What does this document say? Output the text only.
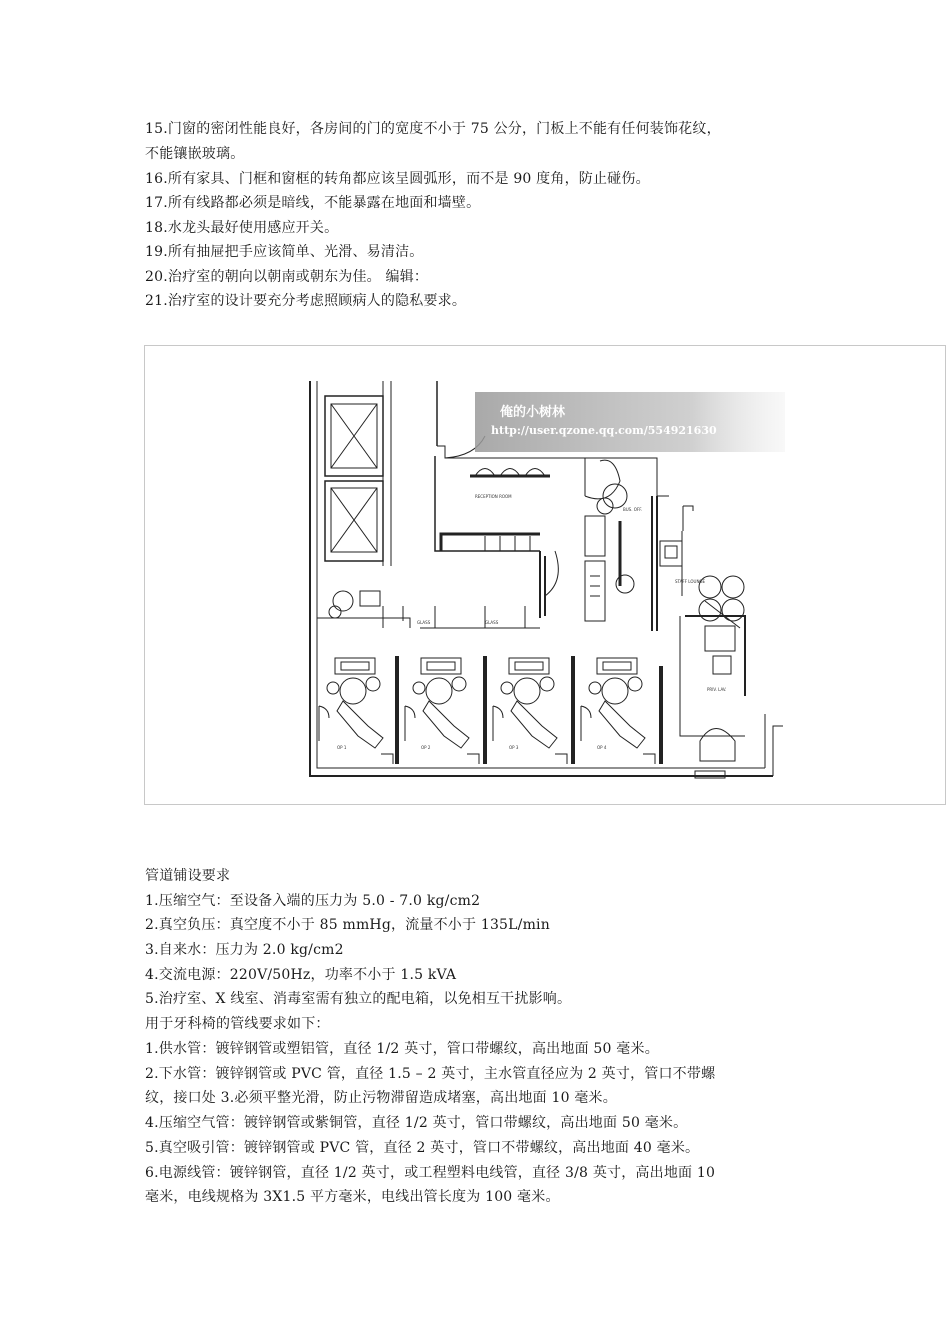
15.门窗的密闭性能良好，各房间的门的宽度不小于 75 公分，门板上不能有任何装饰花纹，
不能镶嵌玻璃。
16.所有家具、门框和窗框的转角都应该呈圆弧形，而不是 90 度角，防止碰伤。
17.所有线路都必须是暗线，不能暴露在地面和墙壁。
18.水龙头最好使用感应开关。
19.所有抽屉把手应该简单、光滑、易清洁。
20.治疗室的朝向以朝南或朝东为佳。 编辑：
21.治疗室的设计要充分考虑照顾病人的隐私要求。
RECEPTION ROOM
STAFF LOUNGE
GLASS	GLASS
BUS. OFF.
PRIV. LAV.
OP 1	OP 2	OP 3	OP 4
俺的小树林
http://user.qzone.qq.com/554921630
管道铺设要求
1.压缩空气：至设备入端的压力为 5.0 - 7.0 kg/cm2
2.真空负压：真空度不小于 85 mmHg，流量不小于 135L/min
3.自来水：压力为 2.0 kg/cm2
4.交流电源：220V/50Hz，功率不小于 1.5 kVA
5.治疗室、X 线室、消毒室需有独立的配电箱，以免相互干扰影响。
用于牙科椅的管线要求如下：
1.供水管：镀锌钢管或塑铝管，直径 1/2 英寸，管口带螺纹，高出地面 50 毫米。
2.下水管：镀锌钢管或 PVC 管，直径 1.5 – 2 英寸，主水管直径应为 2 英寸，管口不带螺
纹，接口处 3.必须平整光滑，防止污物滞留造成堵塞，高出地面 10 毫米。
4.压缩空气管：镀锌钢管或紫铜管，直径 1/2 英寸，管口带螺纹，高出地面 50 毫米。
5.真空吸引管：镀锌钢管或 PVC 管，直径 2 英寸，管口不带螺纹，高出地面 40 毫米。
6.电源线管：镀锌钢管，直径 1/2 英寸，或工程塑料电线管，直径 3/8 英寸，高出地面 10
毫米，电线规格为 3X1.5 平方毫米，电线出管长度为 100 毫米。
